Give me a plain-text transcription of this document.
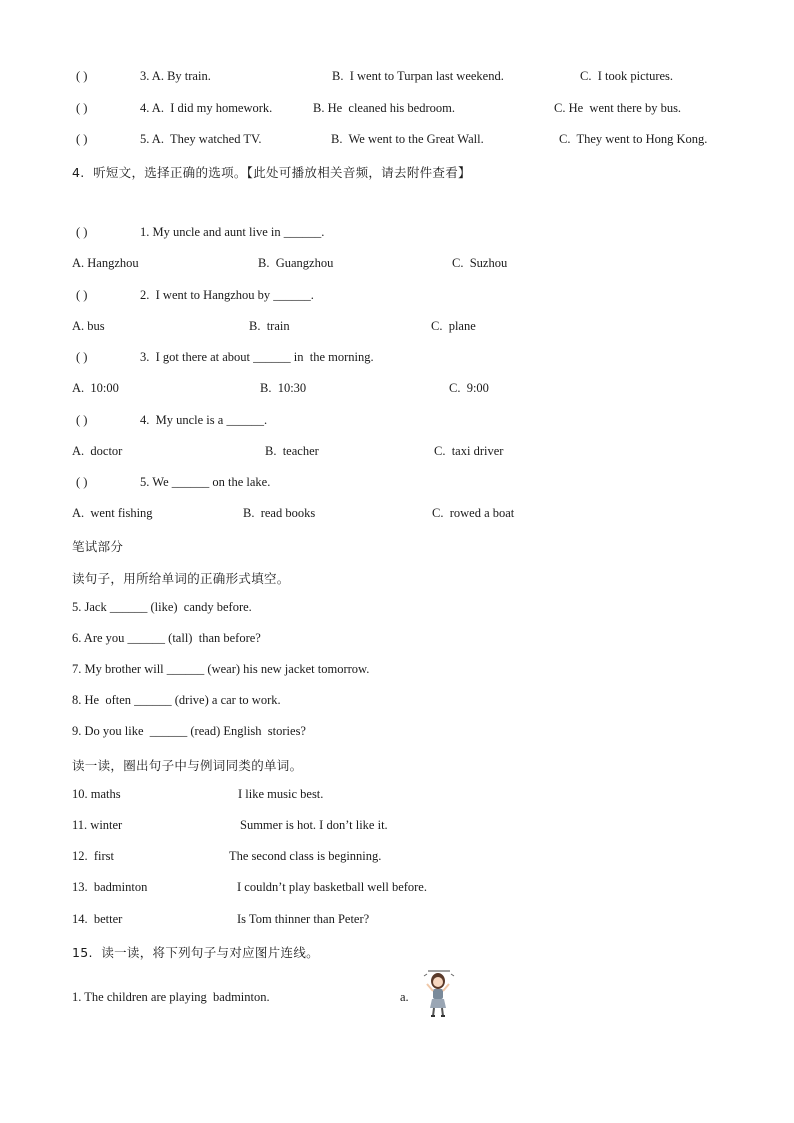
( )	3. A. By train.	B.  I went to Turpan last weekend.	C.  I took pictures.
( )	4. A.  I did my homework.	B. He  cleaned his bedroom.	C. He  went there by bus.
( )	5. A.  They watched TV.	B.  We went to the Great Wall.	C.  They went to Hong Kong.
4.  听短文，选择正确的选项。【此处可播放相关音频，请去附件查看】
( )	1. My uncle and aunt live in ______.
A. Hangzhou	B.  Guangzhou	C.  Suzhou
( )	2.  I went to Hangzhou by ______.
A. bus	B.  train	C.  plane
( )	3.  I got there at about ______ in  the morning.
A.  10:00	B.  10:30	C.  9:00
( )	4.  My uncle is a ______.
A.  doctor	B.  teacher	C.  taxi driver
( )	5. We ______ on the lake.
A.  went fishing	B.  read books	C.  rowed a boat
笔试部分
读句子，用所给单词的正确形式填空。
5. Jack ______ (like)  candy before.
6. Are you ______ (tall)  than before?
7. My brother will ______ (wear) his new jacket tomorrow.
8. He  often ______ (drive) a car to work.
9. Do you like  ______ (read) English  stories?
读一读，圈出句子中与例词同类的单词。
10. maths	I like music best.
11. winter	Summer is hot. I don’t like it.
12.  first	The second class is beginning.
13.  badminton	I couldn’t play basketball well before.
14.  better	Is Tom thinner than Peter?
15.  读一读，将下列句子与对应图片连线。
1. The children are playing  badminton.	a.
